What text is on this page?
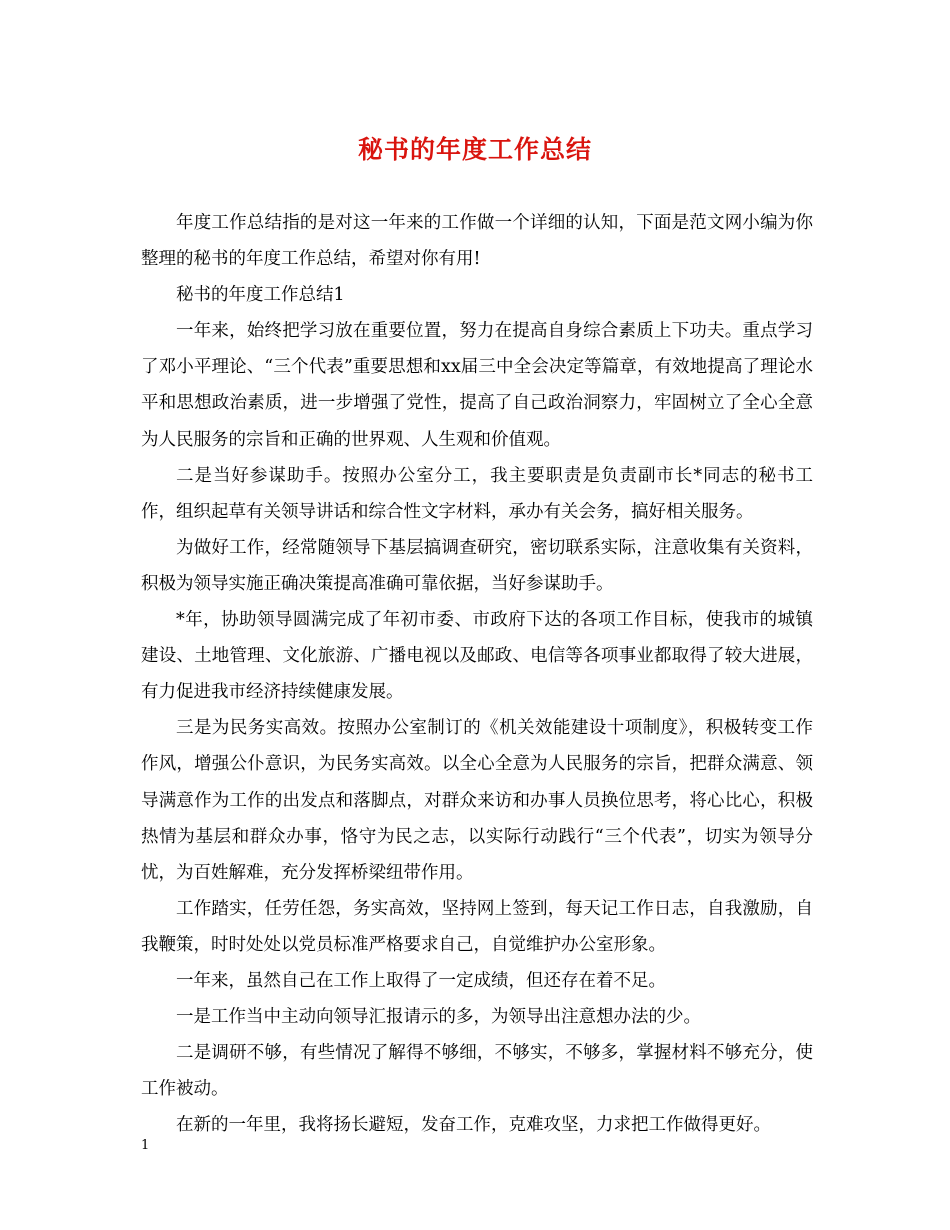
秘书的年度工作总结

年度工作总结指的是对这一年来的工作做一个详细的认知，下面是范文网小编为你整理的秘书的年度工作总结，希望对你有用!

秘书的年度工作总结1

一年来，始终把学习放在重要位置，努力在提高自身综合素质上下功夫。重点学习了邓小平理论、“三个代表”重要思想和xx届三中全会决定等篇章，有效地提高了理论水平和思想政治素质，进一步增强了党性，提高了自己政治洞察力，牢固树立了全心全意为人民服务的宗旨和正确的世界观、人生观和价值观。

二是当好参谋助手。按照办公室分工，我主要职责是负责副市长*同志的秘书工作，组织起草有关领导讲话和综合性文字材料，承办有关会务，搞好相关服务。

为做好工作，经常随领导下基层搞调查研究，密切联系实际，注意收集有关资料，积极为领导实施正确决策提高准确可靠依据，当好参谋助手。

*年，协助领导圆满完成了年初市委、市政府下达的各项工作目标，使我市的城镇建设、土地管理、文化旅游、广播电视以及邮政、电信等各项事业都取得了较大进展，有力促进我市经济持续健康发展。

三是为民务实高效。按照办公室制订的《机关效能建设十项制度》，积极转变工作作风，增强公仆意识，为民务实高效。以全心全意为人民服务的宗旨，把群众满意、领导满意作为工作的出发点和落脚点，对群众来访和办事人员换位思考，将心比心，积极热情为基层和群众办事，恪守为民之志，以实际行动践行“三个代表”，切实为领导分忧，为百姓解难，充分发挥桥梁纽带作用。

工作踏实，任劳任怨，务实高效，坚持网上签到，每天记工作日志，自我激励，自我鞭策，时时处处以党员标准严格要求自己，自觉维护办公室形象。

一年来，虽然自己在工作上取得了一定成绩，但还存在着不足。

一是工作当中主动向领导汇报请示的多，为领导出注意想办法的少。

二是调研不够，有些情况了解得不够细，不够实，不够多，掌握材料不够充分，使工作被动。

在新的一年里，我将扬长避短，发奋工作，克难攻坚，力求把工作做得更好。

1
